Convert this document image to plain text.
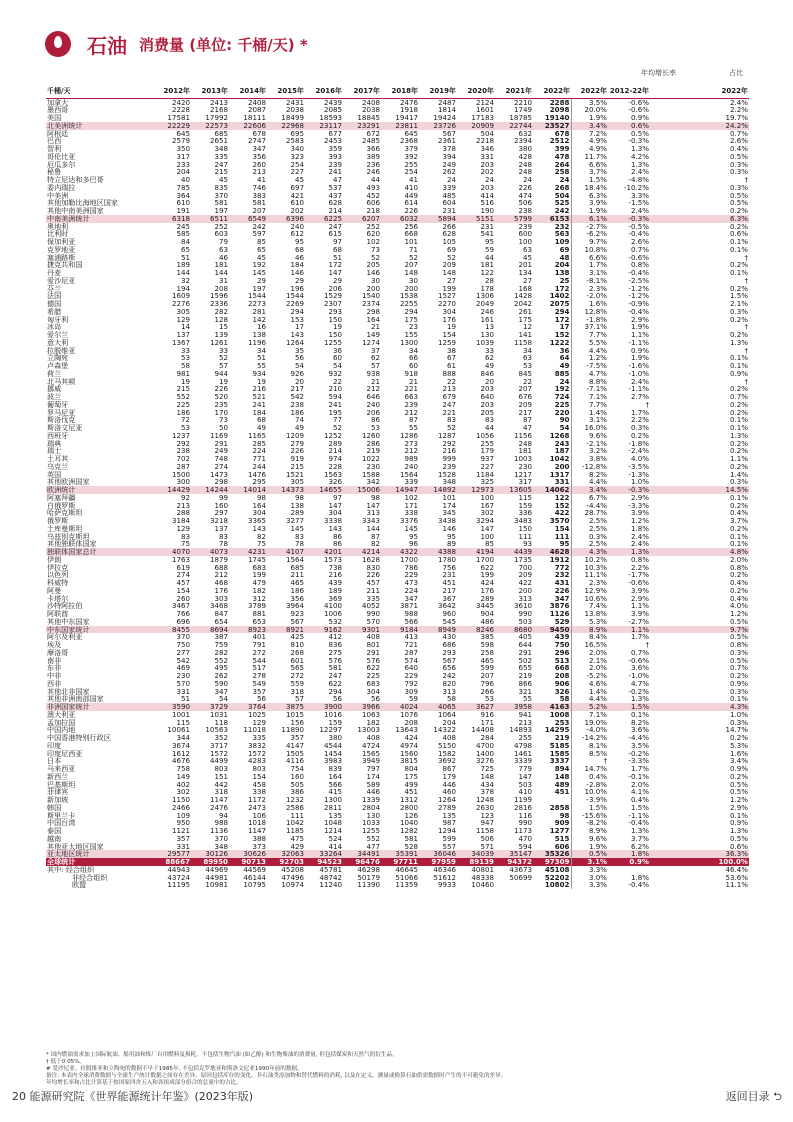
石油 消费量 (单位: 千桶/天) *
年均增长率	占比
千桶/天	2012年	2013年	2014年	2015年	2016年	2017年	2018年	2019年	2020年	2021年	2022年	2022年	2012-22年	2022年
加拿大	2420	2413	2408	2431	2439	2408	2476	2487	2124	2210	2288	3.5%	-0.6%	2.4%
墨西哥	2228	2168	2087	2038	2085	2038	1918	1814	1601	1749	2098	20.0%	-0.6%	2.2%
美国	17581	17992	18111	18499	18593	18845	19417	19424	17183	18785	19140	1.9%	0.9%	19.7%
北美洲统计	22229	22573	22606	22968	23117	23291	23811	23726	20909	22744	23527	3.4%	0.6%	24.2%
阿根廷	645	685	678	695	677	672	645	567	504	632	678	7.2%	0.5%	0.7%
巴西	2579	2651	2747	2583	2453	2485	2368	2361	2218	2394	2512	4.9%	-0.3%	2.6%
智利	350	348	347	340	359	366	379	378	346	380	399	4.9%	1.3%	0.4%
哥伦比亚	317	335	356	323	393	389	392	394	331	428	478	11.7%	4.2%	0.5%
厄瓜多尔	233	247	260	254	239	236	255	249	203	248	264	6.6%	1.3%	0.3%
秘鲁	204	215	213	227	241	246	254	262	202	248	258	3.7%	2.4%	0.3%
特立尼达和多巴哥	40	45	41	45	47	44	41	24	24	24	24	1.5%	-4.8%	†
委内瑞拉	785	835	746	697	537	493	410	339	203	226	268	18.4%	-10.2%	0.3%
中美洲	364	370	383	421	437	452	449	485	414	474	504	6.3%	3.3%	0.5%
其他加勒比海地区国家	610	581	581	610	628	606	614	604	516	506	525	3.9%	-1.5%	0.5%
其他中南美洲国家	191	197	207	202	214	218	226	231	190	238	242	1.9%	2.4%	0.2%
中南美洲统计	6318	6511	6549	6396	6225	6207	6032	5894	5151	5799	6153	6.1%	-0.3%	6.3%
奥地利	245	252	242	240	247	252	256	266	231	239	232	-2.7%	-0.5%	0.2%
比利时	585	603	597	612	615	620	668	628	541	600	563	-6.2%	-0.4%	0.6%
保加利亚	84	79	85	95	97	102	101	105	95	100	109	9.7%	2.6%	0.1%
克罗地亚	65	63	65	68	68	73	71	69	59	63	69	10.8%	0.7%	0.1%
塞浦路斯	51	46	45	46	51	52	52	52	44	45	48	6.6%	-0.6%	†
捷克共和国	189	181	192	184	172	205	207	209	181	201	204	1.7%	0.8%	0.2%
丹麦	144	144	145	146	147	146	148	148	122	134	138	3.1%	-0.4%	0.1%
爱沙尼亚	32	31	29	29	29	30	30	27	28	27	25	-8.1%	-2.5%	†
芬兰	194	208	197	196	206	200	200	199	178	168	172	2.3%	-1.2%	0.2%
法国	1609	1596	1544	1544	1529	1540	1538	1527	1306	1428	1402	-2.0%	-1.2%	1.5%
德国	2276	2336	2273	2269	2307	2374	2255	2270	2049	2042	2075	1.6%	-0.9%	2.1%
希腊	305	282	281	294	293	298	294	304	246	261	294	12.8%	-0.4%	0.3%
匈牙利	129	128	142	153	150	164	175	176	161	175	172	-1.8%	2.9%	0.2%
冰岛	14	15	16	17	19	21	23	19	13	12	17	37.1%	1.9%	†
爱尔兰	137	139	138	143	150	149	155	154	130	141	152	7.7%	1.1%	0.2%
意大利	1367	1261	1196	1264	1255	1274	1300	1259	1039	1158	1222	5.5%	-1.1%	1.3%
拉脱维亚	33	33	34	35	36	37	34	38	33	34	36	4.4%	0.9%	†
立陶宛	53	52	51	56	60	62	66	67	62	63	64	1.2%	1.9%	0.1%
卢森堡	58	57	55	54	54	57	60	61	49	53	49	-7.5%	-1.6%	0.1%
荷兰	981	944	934	926	932	938	918	888	846	845	885	4.7%	-1.0%	0.9%
北马其顿	19	19	19	20	22	21	21	22	20	22	24	8.8%	2.4%	†
挪威	215	226	216	217	210	212	221	213	203	207	192	-7.1%	-1.1%	0.2%
波兰	552	520	521	542	594	646	663	679	640	676	724	7.1%	2.7%	0.7%
葡萄牙	225	235	241	238	241	240	239	247	203	209	225	7.7%	†	0.2%
罗马尼亚	186	170	184	186	195	206	212	221	205	217	220	1.4%	1.7%	0.2%
斯洛伐克	72	73	68	74	77	86	87	83	83	87	90	3.1%	2.2%	0.1%
斯洛文尼亚	53	50	49	49	52	53	55	52	44	47	54	16.0%	0.3%	0.1%
西班牙	1237	1169	1165	1209	1252	1260	1286	1287	1056	1156	1268	9.6%	0.2%	1.3%
瑞典	292	291	285	279	289	286	273	292	255	248	243	-2.1%	-1.8%	0.2%
瑞士	238	249	224	226	214	219	212	216	179	181	187	3.2%	-2.4%	0.2%
土耳其	702	748	771	919	974	1022	989	999	937	1003	1042	3.8%	4.0%	1.1%
乌克兰	287	274	244	215	228	230	240	239	227	230	200	-12.8%	-3.5%	0.2%
英国	1500	1473	1476	1521	1563	1588	1564	1528	1184	1217	1317	8.2%	-1.3%	1.4%
其他欧洲国家	300	298	295	305	326	342	339	348	325	317	331	4.4%	1.0%	0.3%
欧洲统计	14429	14244	14014	14373	14655	15006	14947	14892	12973	13605	14062	3.4%	-0.3%	14.5%
阿塞拜疆	92	99	98	98	97	98	102	101	100	115	122	6.7%	2.9%	0.1%
白俄罗斯	213	160	164	138	147	147	171	174	167	159	152	-4.4%	-3.3%	0.2%
哈萨克斯坦	288	297	304	289	304	313	338	345	302	336	422	28.7%	3.9%	0.4%
俄罗斯	3184	3218	3365	3277	3338	3343	3376	3438	3294	3483	3570	2.5%	1.2%	3.7%
土库曼斯坦	129	137	143	145	143	144	145	146	147	150	154	2.5%	1.8%	0.2%
乌兹别克斯坦	83	83	82	83	86	87	95	95	100	111	111	0.3%	2.4%	0.1%
其他独联体国家	75	78	75	78	86	82	96	89	85	93	95	2.5%	2.4%	0.1%
独联体国家总计	4070	4073	4231	4107	4201	4214	4322	4388	4194	4439	4628	4.3%	1.3%	4.8%
伊朗	1763	1879	1745	1564	1573	1628	1700	1780	1700	1735	1912	10.2%	0.8%	2.0%
伊拉克	619	688	683	685	738	830	786	756	622	700	772	10.3%	2.2%	0.8%
以色列	274	212	199	211	216	226	229	231	199	209	232	11.1%	-1.7%	0.2%
科威特	457	468	479	465	439	457	473	451	424	422	431	2.3%	-0.6%	0.4%
阿曼	154	176	182	186	189	211	224	217	176	200	226	12.9%	3.9%	0.2%
卡塔尔	260	303	312	356	369	335	347	367	289	313	347	10.6%	2.9%	0.4%
沙特阿拉伯	3467	3468	3789	3964	4100	4052	3871	3642	3445	3610	3876	7.4%	1.1%	4.0%
阿联酋	766	847	881	923	1006	990	988	960	904	990	1126	13.8%	3.9%	1.2%
其他中东国家	696	654	653	567	532	570	566	545	486	503	529	5.3%	-2.7%	0.5%
中东国家统计	8455	8694	8923	8921	9162	9301	9184	8949	8246	8680	9450	8.9%	1.1%	9.7%
阿尔及利亚	370	387	401	425	412	408	413	430	385	405	439	8.4%	1.7%	0.5%
埃及	750	759	791	810	836	801	721	686	598	644	750	16.5%	†	0.8%
摩洛哥	277	282	272	268	275	291	287	293	258	291	296	2.0%	0.7%	0.3%
南非	542	552	544	601	576	576	574	567	465	502	513	2.1%	-0.6%	0.5%
东非	469	495	517	565	581	622	640	656	599	655	668	2.0%	3.6%	0.7%
中非	230	262	278	272	247	225	229	242	207	219	208	-5.2%	-1.0%	0.2%
西非	570	590	549	559	622	683	792	820	796	866	906	4.6%	4.7%	0.9%
其他北非国家	331	347	357	318	294	304	309	313	266	321	326	1.4%	-0.2%	0.3%
其他非洲南部国家	51	54	56	57	56	56	59	58	53	55	58	4.4%	1.3%	0.1%
非洲国家统计	3590	3729	3764	3875	3900	3966	4024	4065	3627	3958	4163	5.2%	1.5%	4.3%
澳大利亚	1001	1031	1025	1015	1016	1063	1076	1064	916	941	1008	7.1%	0.1%	1.0%
孟加拉国	115	118	129	156	159	182	208	204	171	213	253	19.0%	8.2%	0.3%
中国内地	10061	10563	11018	11890	12297	13003	13643	14322	14408	14893	14295	-4.0%	3.6%	14.7%
中国香港特别行政区	344	352	335	357	380	408	424	408	284	255	219	-14.2%	-4.4%	0.2%
印度	3674	3717	3832	4147	4544	4724	4974	5150	4700	4798	5185	8.1%	3.5%	5.3%
印度尼西亚	1612	1572	1572	1505	1454	1565	1560	1582	1400	1461	1585	8.5%	-0.2%	1.6%
日本	4676	4499	4283	4116	3983	3949	3815	3692	3276	3339	3337	†	-3.3%	3.4%
马来西亚	758	803	803	754	839	797	804	867	725	779	894	14.7%	1.7%	0.9%
新西兰	149	151	154	160	164	174	175	179	148	147	148	0.4%	-0.1%	0.2%
巴基斯坦	402	442	458	505	566	589	499	446	434	503	489	-2.8%	2.0%	0.5%
菲律宾	302	318	338	386	415	446	451	460	378	410	451	10.0%	4.1%	0.5%
新加坡	1150	1147	1172	1232	1300	1339	1312	1264	1248	1199		-3.9%	0.4%	1.2%
韩国	2466	2476	2473	2586	2811	2804	2800	2789	2630	2816	2858	1.5%	1.5%	2.9%
斯里兰卡	109	94	106	111	135	130	126	135	123	116	98	-15.6%	-1.1%	0.1%
中国台湾	950	988	1018	1042	1048	1033	1040	987	947	990	909	-8.2%	-0.4%	0.9%
泰国	1121	1136	1147	1185	1214	1255	1282	1294	1158	1173	1277	8.9%	1.3%	1.3%
越南	357	370	388	475	524	552	581	599	506	470	515	9.6%	3.7%	0.5%
其他亚太地区国家	331	348	373	429	414	477	528	557	571	594	606	1.9%	6.2%	0.6%
亚太地区统计	29577	30126	30626	32063	33264	34491	35391	36046	34039	35147	35326	0.5%	1.8%	36.3%
全球统计	88667	89950	90713	92703	94523	96476	97711	97959	89139	94372	97309	3.1%	0.9%	100.0%
其中: 经合组织	44943	44969	44569	45208	45781	46298	46645	46346	40801	43673	45108	3.3%		46.4%
非经合组织	43724	44981	46144	47496	48742	50179	51066	51612	48338	50699	52202	3.0%	1.8%	53.6%
欧盟	11195	10981	10795	10974	11240	11390	11359	9933	10460		10802	3.3%	-0.4%	11.1%
* 国内燃油需求加上国际航油、船用油和炼厂自用燃料及损耗。不包括生物汽油 (如乙醇) 和生物柴油的消费量, 但包括煤炭和天然气的衍生品。
† 低于0.05%。
# 爱沙尼亚、拉脱维亚和立陶宛的数据不早于1985年, 不包括克罗地亚和斯洛文尼亚1990年前的数据。
备注: 本表内全球消费数据与全球生产统计数据之间存在差异。原因包括库存的变化、非石油类添加物和替代燃料的消耗, 以及在定义、测量或换算石油供需数据时产生的不可避免的差异。
年均增长率和占比计算基于按国家四舍五入和各组成部分组合的总量中的占比。
20 能源研究院《世界能源统计年鉴》(2023年版)	返回目录 ⮌
